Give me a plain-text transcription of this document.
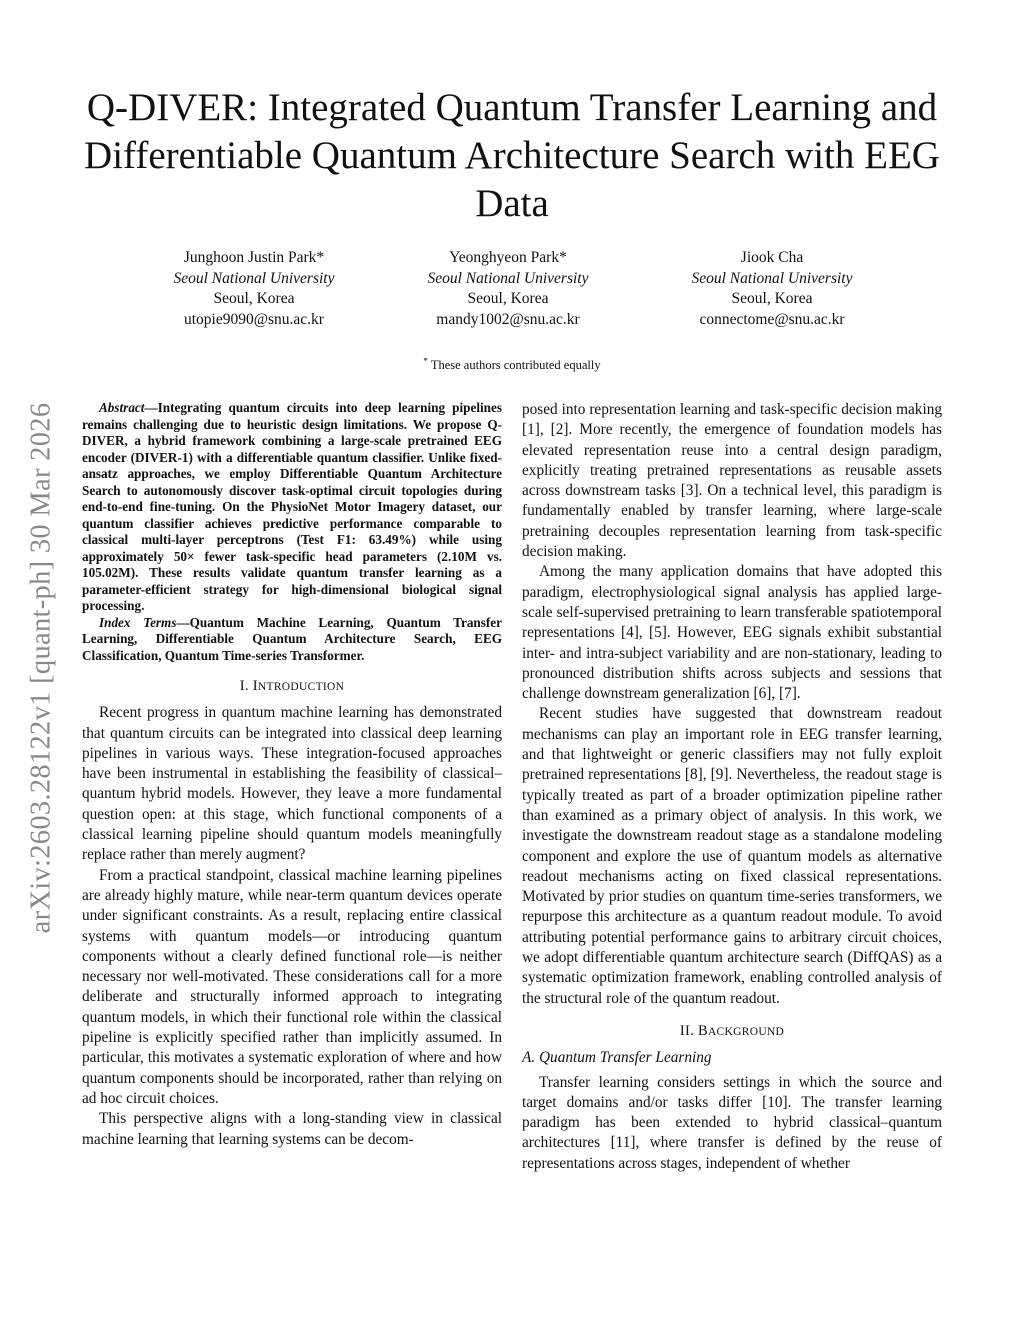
arXiv:2603.28122v1 [quant-ph] 30 Mar 2026
Q-DIVER: Integrated Quantum Transfer Learning and Differentiable Quantum Architecture Search with EEG Data
Junghoon Justin Park*
Seoul National University
Seoul, Korea
utopie9090@snu.ac.kr
Yeonghyeon Park*
Seoul National University
Seoul, Korea
mandy1002@snu.ac.kr
Jiook Cha
Seoul National University
Seoul, Korea
connectome@snu.ac.kr
* These authors contributed equally

Abstract—Integrating quantum circuits into deep learning pipelines remains challenging due to heuristic design limitations. We propose Q-DIVER, a hybrid framework combining a large-scale pretrained EEG encoder (DIVER-1) with a differentiable quantum classifier. Unlike fixed-ansatz approaches, we employ Differentiable Quantum Architecture Search to autonomously discover task-optimal circuit topologies during end-to-end fine-tuning. On the PhysioNet Motor Imagery dataset, our quantum classifier achieves predictive performance comparable to classical multi-layer perceptrons (Test F1: 63.49%) while using approximately 50× fewer task-specific head parameters (2.10M vs. 105.02M). These results validate quantum transfer learning as a parameter-efficient strategy for high-dimensional biological signal processing.

Index Terms—Quantum Machine Learning, Quantum Transfer Learning, Differentiable Quantum Architecture Search, EEG Classification, Quantum Time-series Transformer.

I. INTRODUCTION

Recent progress in quantum machine learning has demonstrated that quantum circuits can be integrated into classical deep learning pipelines in various ways. These integration-focused approaches have been instrumental in establishing the feasibility of classical–quantum hybrid models. However, they leave a more fundamental question open: at this stage, which functional components of a classical learning pipeline should quantum models meaningfully replace rather than merely augment?

From a practical standpoint, classical machine learning pipelines are already highly mature, while near-term quantum devices operate under significant constraints. As a result, replacing entire classical systems with quantum models—or introducing quantum components without a clearly defined functional role—is neither necessary nor well-motivated. These considerations call for a more deliberate and structurally informed approach to integrating quantum models, in which their functional role within the classical pipeline is explicitly specified rather than implicitly assumed. In particular, this motivates a systematic exploration of where and how quantum components should be incorporated, rather than relying on ad hoc circuit choices.

This perspective aligns with a long-standing view in classical machine learning that learning systems can be decom-

posed into representation learning and task-specific decision making [1], [2]. More recently, the emergence of foundation models has elevated representation reuse into a central design paradigm, explicitly treating pretrained representations as reusable assets across downstream tasks [3]. On a technical level, this paradigm is fundamentally enabled by transfer learning, where large-scale pretraining decouples representation learning from task-specific decision making.

Among the many application domains that have adopted this paradigm, electrophysiological signal analysis has applied large-scale self-supervised pretraining to learn transferable spatiotemporal representations [4], [5]. However, EEG signals exhibit substantial inter- and intra-subject variability and are non-stationary, leading to pronounced distribution shifts across subjects and sessions that challenge downstream generalization [6], [7].

Recent studies have suggested that downstream readout mechanisms can play an important role in EEG transfer learning, and that lightweight or generic classifiers may not fully exploit pretrained representations [8], [9]. Nevertheless, the readout stage is typically treated as part of a broader optimization pipeline rather than examined as a primary object of analysis. In this work, we investigate the downstream readout stage as a standalone modeling component and explore the use of quantum models as alternative readout mechanisms acting on fixed classical representations. Motivated by prior studies on quantum time-series transformers, we repurpose this architecture as a quantum readout module. To avoid attributing potential performance gains to arbitrary circuit choices, we adopt differentiable quantum architecture search (DiffQAS) as a systematic optimization framework, enabling controlled analysis of the structural role of the quantum readout.

II. BACKGROUND
A. Quantum Transfer Learning

Transfer learning considers settings in which the source and target domains and/or tasks differ [10]. The transfer learning paradigm has been extended to hybrid classical–quantum architectures [11], where transfer is defined by the reuse of representations across stages, independent of whether
